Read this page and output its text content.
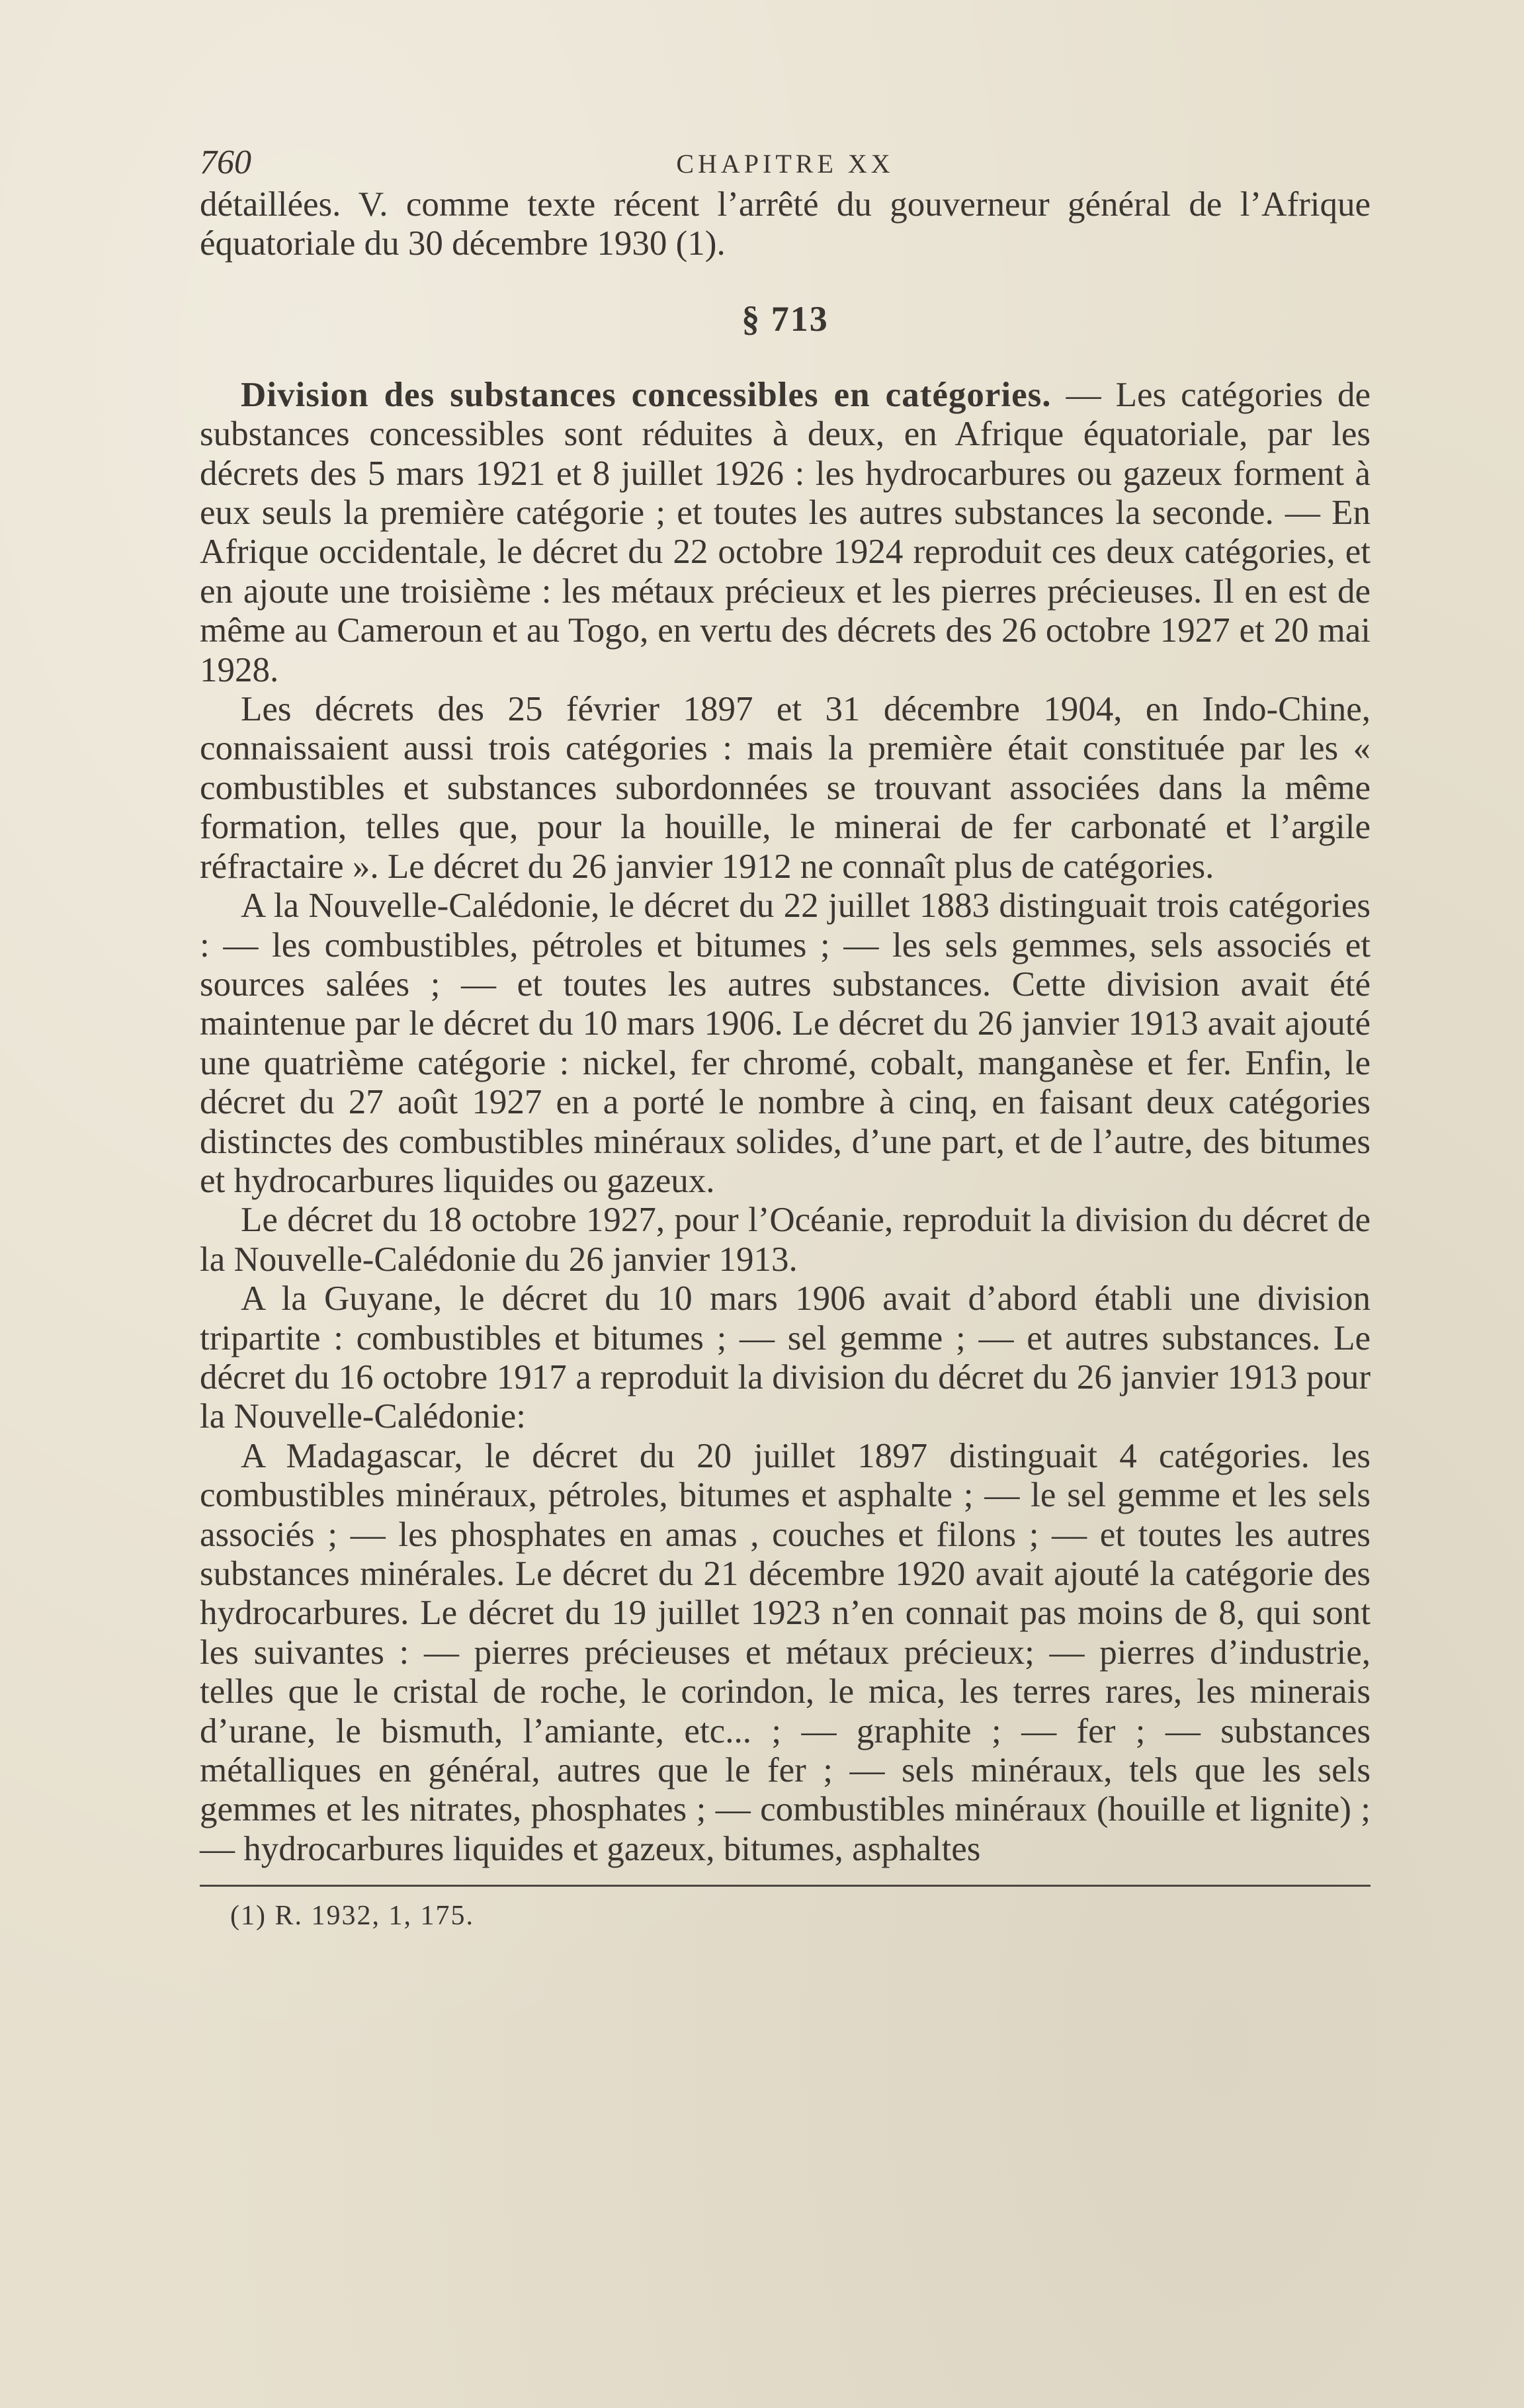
760	CHAPITRE XX

détaillées. V. comme texte récent l’arrêté du gouverneur général de l’Afrique équatoriale du 30 décembre 1930 (1).

§ 713

Division des substances concessibles en catégories. — Les catégories de substances concessibles sont réduites à deux, en Afrique équatoriale, par les décrets des 5 mars 1921 et 8 juillet 1926 : les hydrocarbures ou gazeux forment à eux seuls la première catégorie ; et toutes les autres substances la seconde. — En Afrique occidentale, le décret du 22 octobre 1924 reproduit ces deux catégories, et en ajoute une troisième : les métaux précieux et les pierres précieuses. Il en est de même au Cameroun et au Togo, en vertu des décrets des 26 octobre 1927 et 20 mai 1928.

Les décrets des 25 février 1897 et 31 décembre 1904, en Indo-Chine, connaissaient aussi trois catégories : mais la première était constituée par les « combustibles et substances subordonnées se trouvant associées dans la même formation, telles que, pour la houille, le minerai de fer carbonaté et l’argile réfractaire ». Le décret du 26 janvier 1912 ne connaît plus de catégories.

A la Nouvelle-Calédonie, le décret du 22 juillet 1883 distinguait trois catégories : — les combustibles, pétroles et bitumes ; — les sels gemmes, sels associés et sources salées ; — et toutes les autres substances. Cette division avait été maintenue par le décret du 10 mars 1906. Le décret du 26 janvier 1913 avait ajouté une quatrième catégorie : nickel, fer chromé, cobalt, manganèse et fer. Enfin, le décret du 27 août 1927 en a porté le nombre à cinq, en faisant deux catégories distinctes des combustibles minéraux solides, d’une part, et de l’autre, des bitumes et hydrocarbures liquides ou gazeux.

Le décret du 18 octobre 1927, pour l’Océanie, reproduit la division du décret de la Nouvelle-Calédonie du 26 janvier 1913.

A la Guyane, le décret du 10 mars 1906 avait d’abord établi une division tripartite : combustibles et bitumes ; — sel gemme ; — et autres substances. Le décret du 16 octobre 1917 a reproduit la division du décret du 26 janvier 1913 pour la Nouvelle-Calédonie:

A Madagascar, le décret du 20 juillet 1897 distinguait 4 catégories. les combustibles minéraux, pétroles, bitumes et asphalte ; — le sel gemme et les sels associés ; — les phosphates en amas , couches et filons ; — et toutes les autres substances minérales. Le décret du 21 décembre 1920 avait ajouté la catégorie des hydrocarbures. Le décret du 19 juillet 1923 n’en connait pas moins de 8, qui sont les suivantes : — pierres précieuses et métaux précieux; — pierres d’industrie, telles que le cristal de roche, le corindon, le mica, les terres rares, les minerais d’urane, le bismuth, l’amiante, etc... ; — graphite ; — fer ; — substances métalliques en général, autres que le fer ; — sels minéraux, tels que les sels gemmes et les nitrates, phosphates ; — combustibles minéraux (houille et lignite) ; — hydrocarbures liquides et gazeux, bitumes, asphaltes

(1) R. 1932, 1, 175.
